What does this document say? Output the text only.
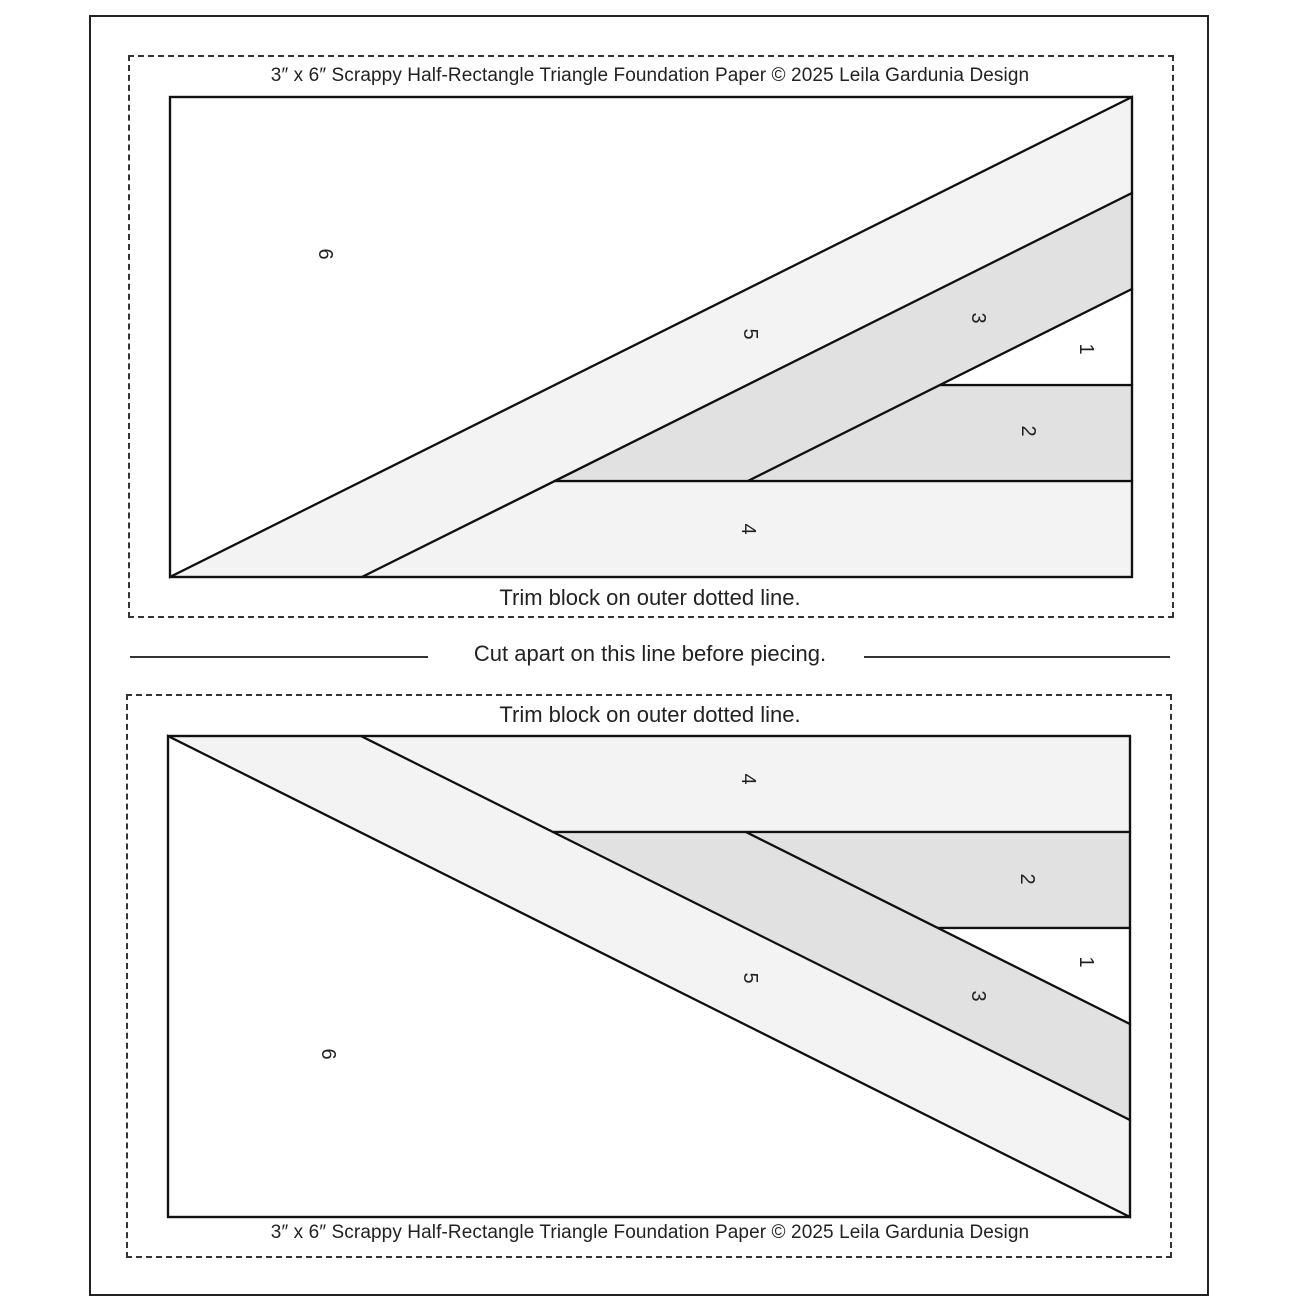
3″ x 6″ Scrappy Half-Rectangle Triangle Foundation Paper © 2025 Leila Gardunia Design
Trim block on outer dotted line.
Cut apart on this line before piecing.
Trim block on outer dotted line.
3″ x 6″ Scrappy Half-Rectangle Triangle Foundation Paper © 2025 Leila Gardunia Design
6
5
3
1
2
4
4
2
1
5
3
6
